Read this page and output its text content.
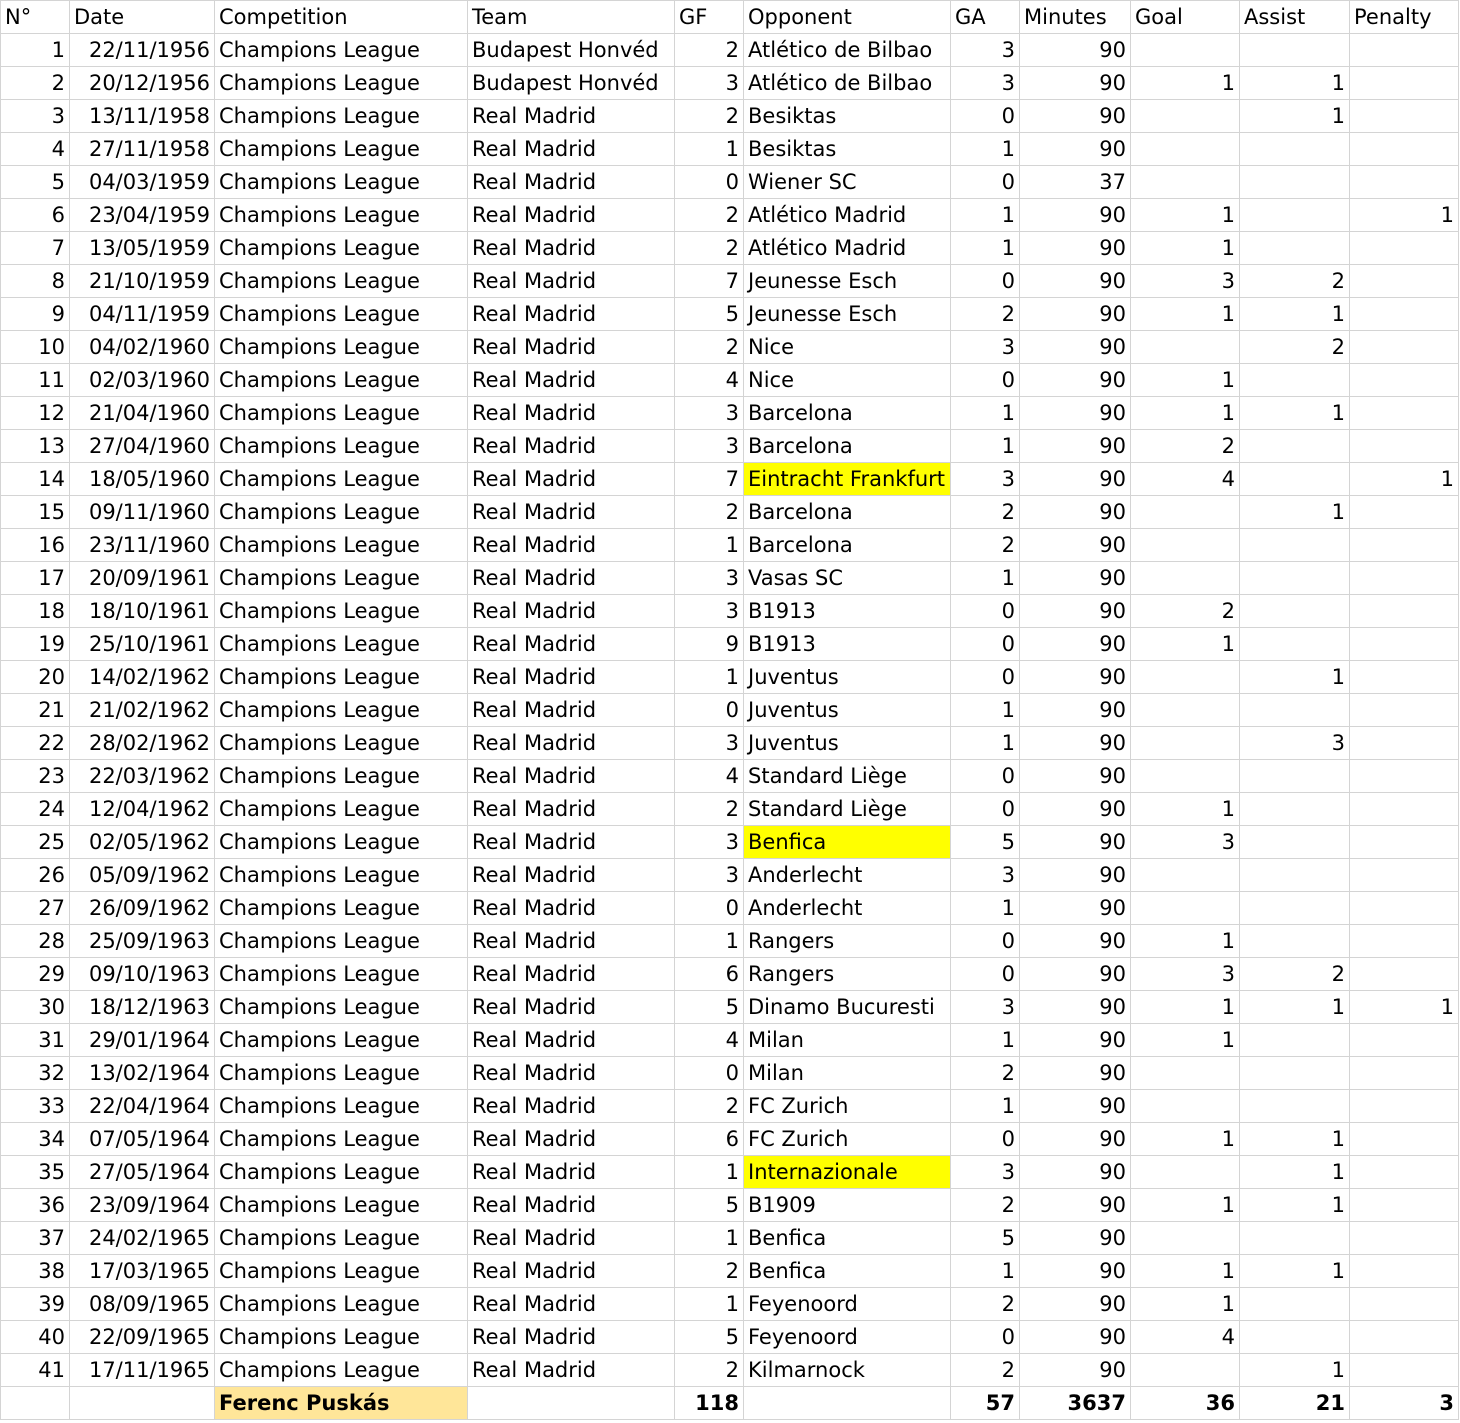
N°	Date	Competition	Team	GF	Opponent	GA	Minutes	Goal	Assist	Penalty
1	22/11/1956	Champions League	Budapest Honvéd	2	Atlético de Bilbao	3	90			
2	20/12/1956	Champions League	Budapest Honvéd	3	Atlético de Bilbao	3	90	1	1	
3	13/11/1958	Champions League	Real Madrid	2	Besiktas	0	90		1	
4	27/11/1958	Champions League	Real Madrid	1	Besiktas	1	90			
5	04/03/1959	Champions League	Real Madrid	0	Wiener SC	0	37			
6	23/04/1959	Champions League	Real Madrid	2	Atlético Madrid	1	90	1		1
7	13/05/1959	Champions League	Real Madrid	2	Atlético Madrid	1	90	1		
8	21/10/1959	Champions League	Real Madrid	7	Jeunesse Esch	0	90	3	2	
9	04/11/1959	Champions League	Real Madrid	5	Jeunesse Esch	2	90	1	1	
10	04/02/1960	Champions League	Real Madrid	2	Nice	3	90		2	
11	02/03/1960	Champions League	Real Madrid	4	Nice	0	90	1		
12	21/04/1960	Champions League	Real Madrid	3	Barcelona	1	90	1	1	
13	27/04/1960	Champions League	Real Madrid	3	Barcelona	1	90	2		
14	18/05/1960	Champions League	Real Madrid	7	Eintracht Frankfurt	3	90	4		1
15	09/11/1960	Champions League	Real Madrid	2	Barcelona	2	90		1	
16	23/11/1960	Champions League	Real Madrid	1	Barcelona	2	90			
17	20/09/1961	Champions League	Real Madrid	3	Vasas SC	1	90			
18	18/10/1961	Champions League	Real Madrid	3	B1913	0	90	2		
19	25/10/1961	Champions League	Real Madrid	9	B1913	0	90	1		
20	14/02/1962	Champions League	Real Madrid	1	Juventus	0	90		1	
21	21/02/1962	Champions League	Real Madrid	0	Juventus	1	90			
22	28/02/1962	Champions League	Real Madrid	3	Juventus	1	90		3	
23	22/03/1962	Champions League	Real Madrid	4	Standard Liège	0	90			
24	12/04/1962	Champions League	Real Madrid	2	Standard Liège	0	90	1		
25	02/05/1962	Champions League	Real Madrid	3	Benfica	5	90	3		
26	05/09/1962	Champions League	Real Madrid	3	Anderlecht	3	90			
27	26/09/1962	Champions League	Real Madrid	0	Anderlecht	1	90			
28	25/09/1963	Champions League	Real Madrid	1	Rangers	0	90	1		
29	09/10/1963	Champions League	Real Madrid	6	Rangers	0	90	3	2	
30	18/12/1963	Champions League	Real Madrid	5	Dinamo Bucuresti	3	90	1	1	1
31	29/01/1964	Champions League	Real Madrid	4	Milan	1	90	1		
32	13/02/1964	Champions League	Real Madrid	0	Milan	2	90			
33	22/04/1964	Champions League	Real Madrid	2	FC Zurich	1	90			
34	07/05/1964	Champions League	Real Madrid	6	FC Zurich	0	90	1	1	
35	27/05/1964	Champions League	Real Madrid	1	Internazionale	3	90		1	
36	23/09/1964	Champions League	Real Madrid	5	B1909	2	90	1	1	
37	24/02/1965	Champions League	Real Madrid	1	Benfica	5	90			
38	17/03/1965	Champions League	Real Madrid	2	Benfica	1	90	1	1	
39	08/09/1965	Champions League	Real Madrid	1	Feyenoord	2	90	1		
40	22/09/1965	Champions League	Real Madrid	5	Feyenoord	0	90	4		
41	17/11/1965	Champions League	Real Madrid	2	Kilmarnock	2	90		1	
		Ferenc Puskás		118		57	3637	36	21	3
